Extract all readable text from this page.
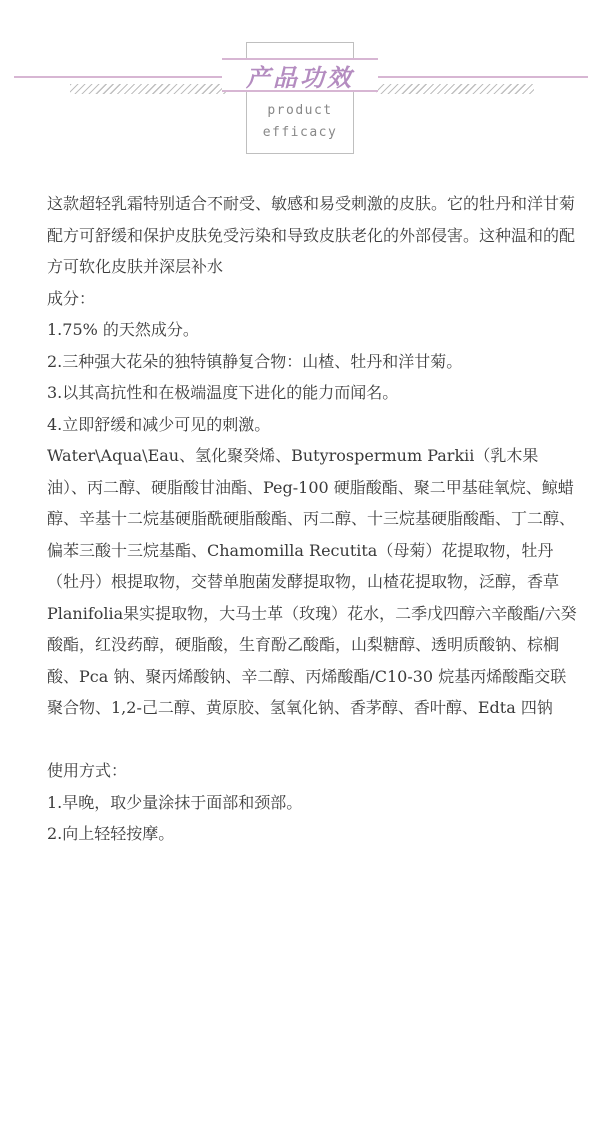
产品功效
product
efficacy

这款超轻乳霜特别适合不耐受、敏感和易受刺激的皮肤。它的牡丹和洋甘菊配方可舒缓和保护皮肤免受污染和导致皮肤老化的外部侵害。这种温和的配方可软化皮肤并深层补水

成分：

1.75% 的天然成分。

2.三种强大花朵的独特镇静复合物：山楂、牡丹和洋甘菊。

3.以其高抗性和在极端温度下进化的能力而闻名。

4.立即舒缓和减少可见的刺激。

Water\Aqua\Eau、氢化聚癸烯、Butyrospermum Parkii（乳木果油）、丙二醇、硬脂酸甘油酯、Peg-100 硬脂酸酯、聚二甲基硅氧烷、鲸蜡醇、辛基十二烷基硬脂酰硬脂酸酯、丙二醇、十三烷基硬脂酸酯、丁二醇、偏苯三酸十三烷基酯、Chamomilla Recutita（母菊）花提取物，牡丹（牡丹）根提取物，交替单胞菌发酵提取物，山楂花提取物，泛醇，香草Planifolia果实提取物，大马士革（玫瑰）花水，二季戊四醇六辛酸酯/六癸酸酯，红没药醇，硬脂酸，生育酚乙酸酯，山梨糖醇、透明质酸钠、棕榈酸、Pca 钠、聚丙烯酸钠、辛二醇、丙烯酸酯/C10-30 烷基丙烯酸酯交联聚合物、1,2-己二醇、黄原胶、氢氧化钠、香茅醇、香叶醇、Edta 四钠

使用方式：

1.早晚，取少量涂抹于面部和颈部。

2.向上轻轻按摩。
